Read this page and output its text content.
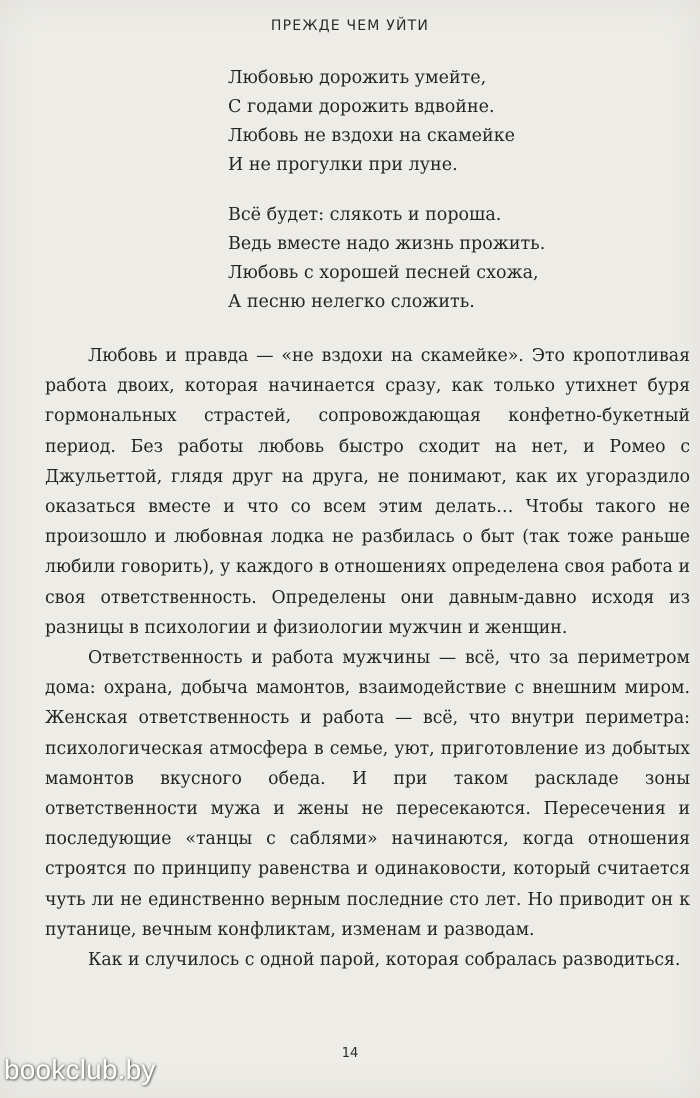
ПРЕЖДЕ ЧЕМ УЙТИ
Любовью дорожить умейте,
С годами дорожить вдвойне.
Любовь не вздохи на скамейке
И не прогулки при луне.
Всё будет: слякоть и пороша.
Ведь вместе надо жизнь прожить.
Любовь с хорошей песней схожа,
А песню нелегко сложить.

Любовь и правда — «не вздохи на скамейке». Это кропотливая работа двоих, которая начинается сразу, как только утихнет буря гормональных страстей, сопровождающая конфетно-букетный период. Без работы любовь быстро сходит на нет, и Ромео с Джульеттой, глядя друг на друга, не понимают, как их угораздило оказаться вместе и что со всем этим делать… Чтобы такого не произошло и любовная лодка не разбилась о быт (так тоже раньше любили говорить), у каждого в отношениях определена своя работа и своя ответственность. Определены они давным-давно исходя из разницы в психологии и физиологии мужчин и женщин.

Ответственность и работа мужчины — всё, что за периметром дома: охрана, добыча мамонтов, взаимодействие с внешним миром. Женская ответственность и работа — всё, что внутри периметра: психологическая атмосфера в семье, уют, приготовление из добытых мамонтов вкусного обеда. И при таком раскладе зоны ответственности мужа и жены не пересекаются. Пересечения и последующие «танцы с саблями» начинаются, когда отношения строятся по принципу равенства и одинаковости, который считается чуть ли не единственно верным последние сто лет. Но приводит он к путанице, вечным конфликтам, изменам и разводам.

Как и случилось с одной парой, которая собралась разводиться.

14
bookclub.by
